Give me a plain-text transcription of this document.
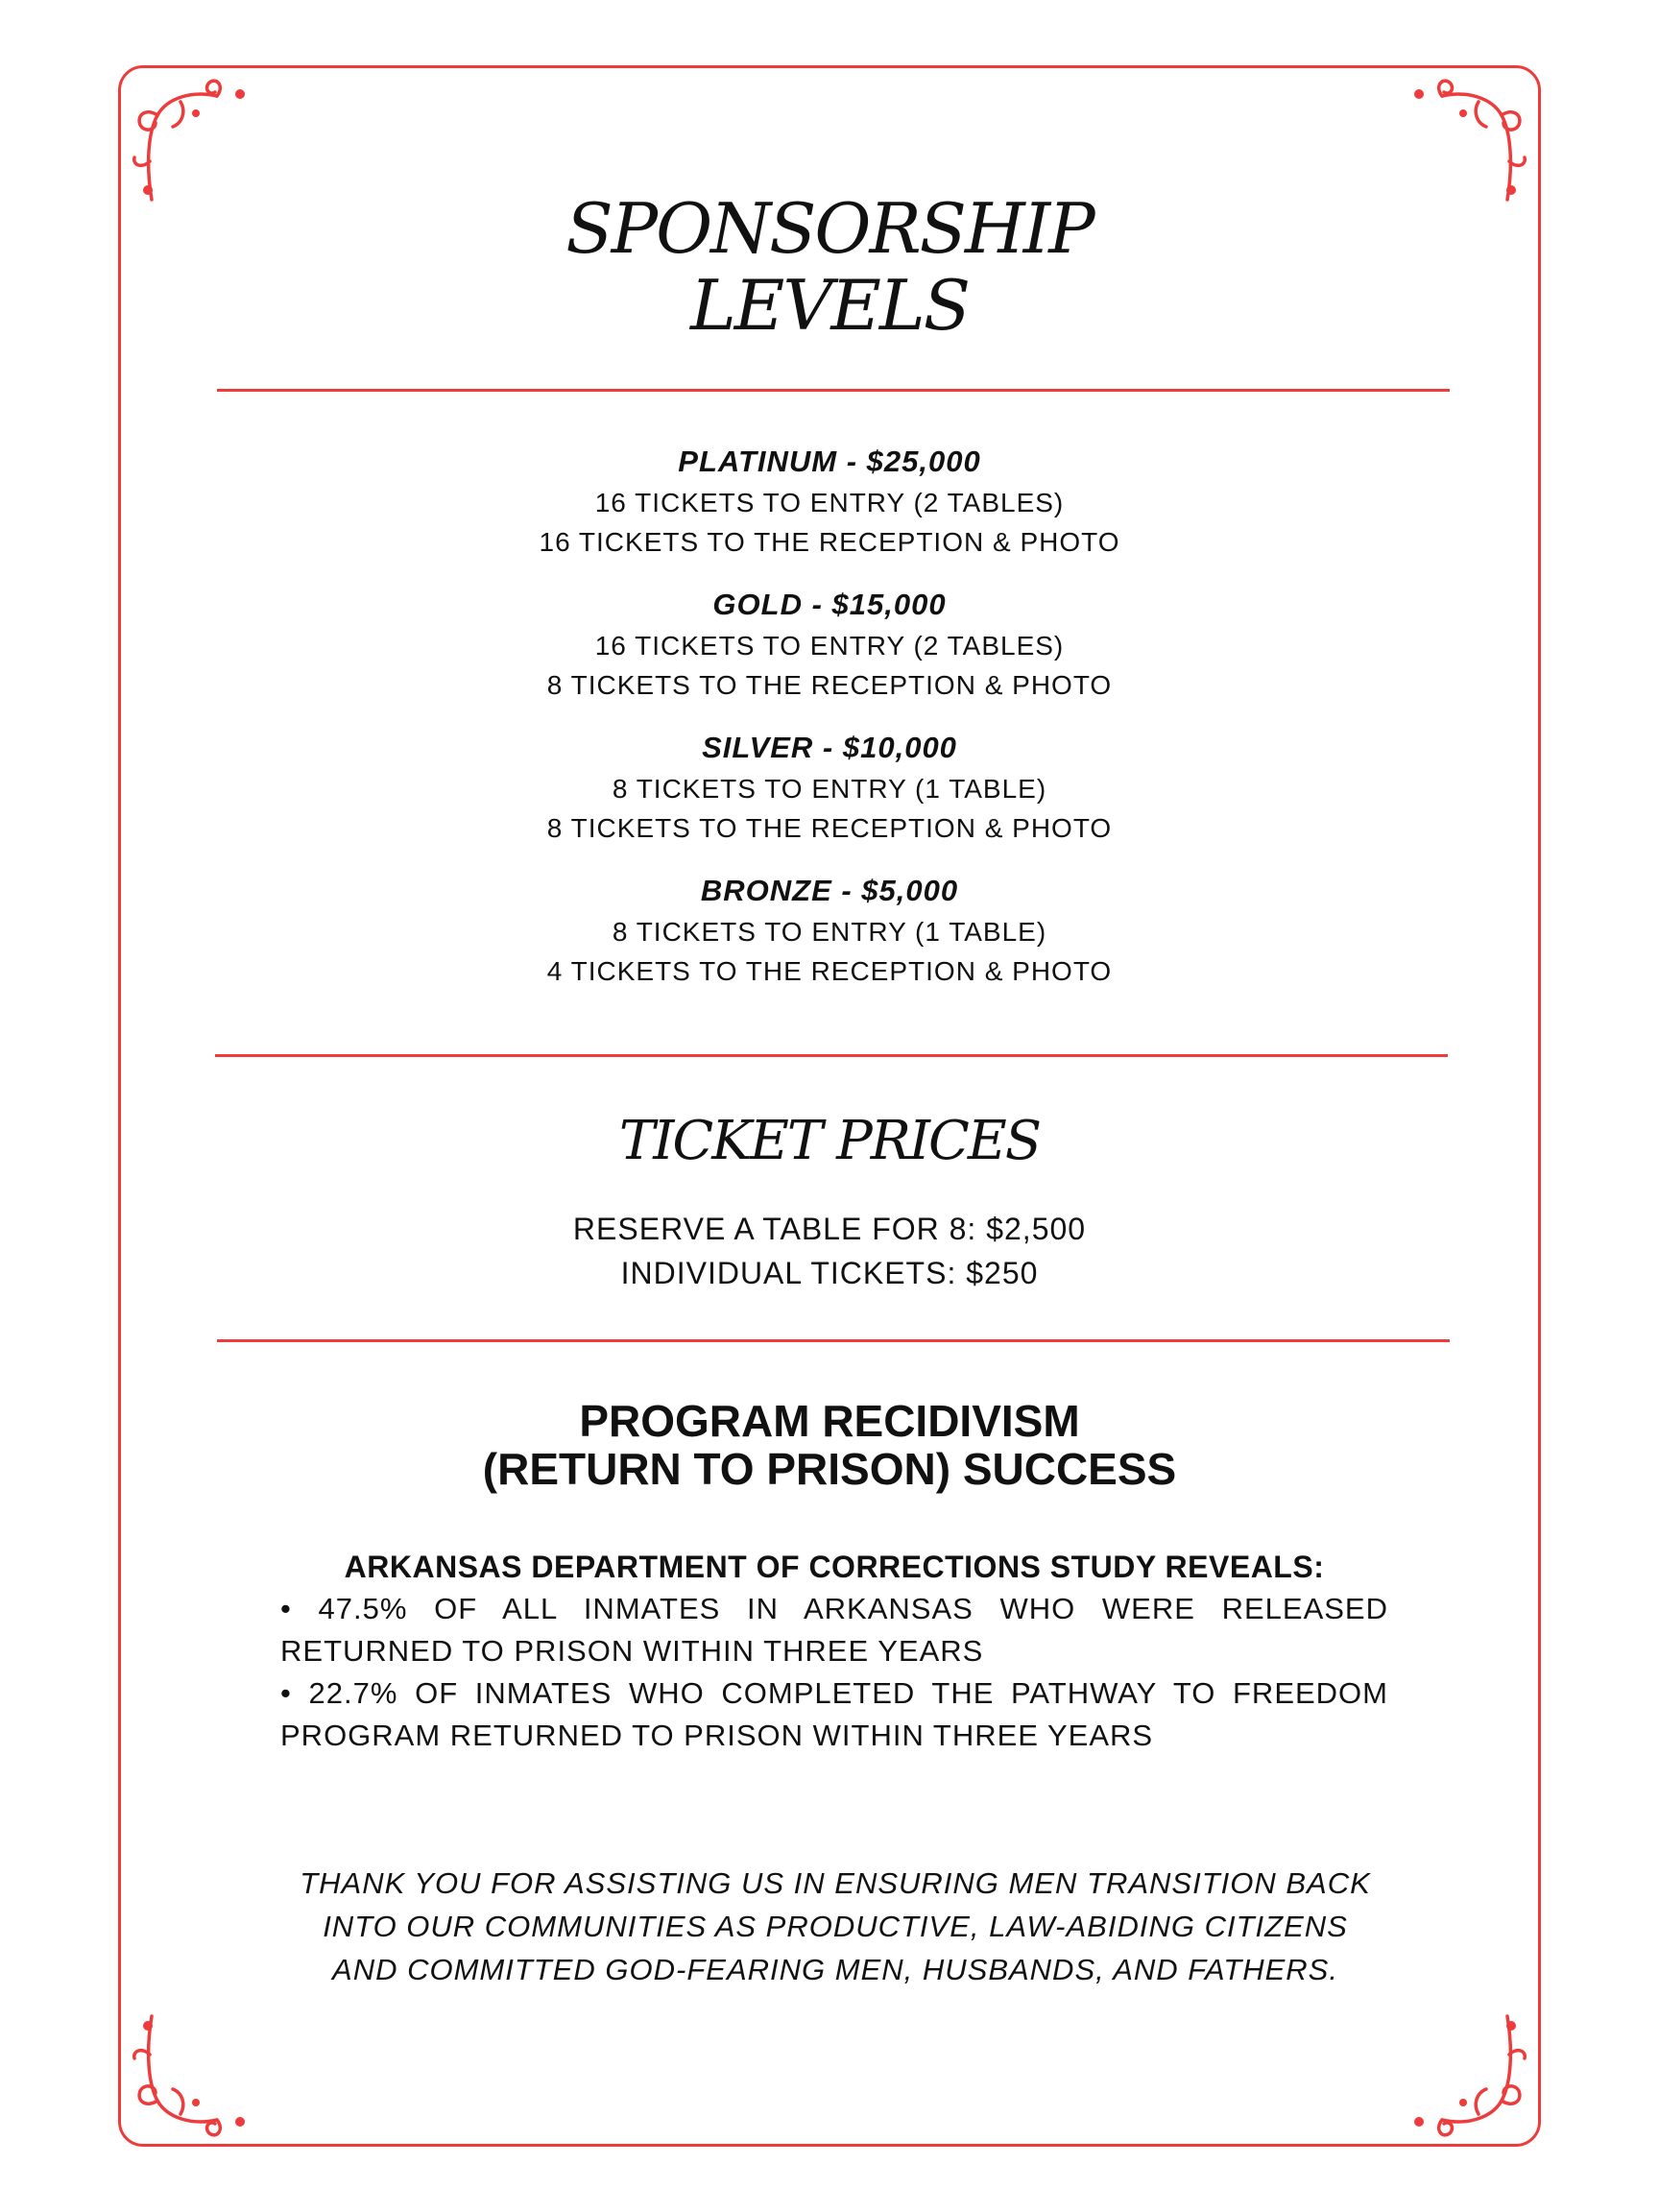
SPONSORSHIP
LEVELS
PLATINUM - $25,000
16 TICKETS TO ENTRY (2 TABLES)
16 TICKETS TO THE RECEPTION & PHOTO
GOLD - $15,000
16 TICKETS TO ENTRY (2 TABLES)
8 TICKETS TO THE RECEPTION & PHOTO
SILVER - $10,000
8 TICKETS TO ENTRY (1 TABLE)
8 TICKETS TO THE RECEPTION & PHOTO
BRONZE - $5,000
8 TICKETS TO ENTRY (1 TABLE)
4 TICKETS TO THE RECEPTION & PHOTO
TICKET PRICES
RESERVE A TABLE FOR 8: $2,500
INDIVIDUAL TICKETS: $250
PROGRAM RECIDIVISM
(RETURN TO PRISON) SUCCESS
ARKANSAS DEPARTMENT OF CORRECTIONS STUDY REVEALS:
• 47.5% OF ALL INMATES IN ARKANSAS WHO WERE RELEASED RETURNED TO PRISON WITHIN THREE YEARS
• 22.7% OF INMATES WHO COMPLETED THE PATHWAY TO FREEDOM PROGRAM RETURNED TO PRISON WITHIN THREE YEARS
THANK YOU FOR ASSISTING US IN ENSURING MEN TRANSITION BACK
INTO OUR COMMUNITIES AS PRODUCTIVE, LAW-ABIDING CITIZENS
AND COMMITTED GOD-FEARING MEN, HUSBANDS, AND FATHERS.
